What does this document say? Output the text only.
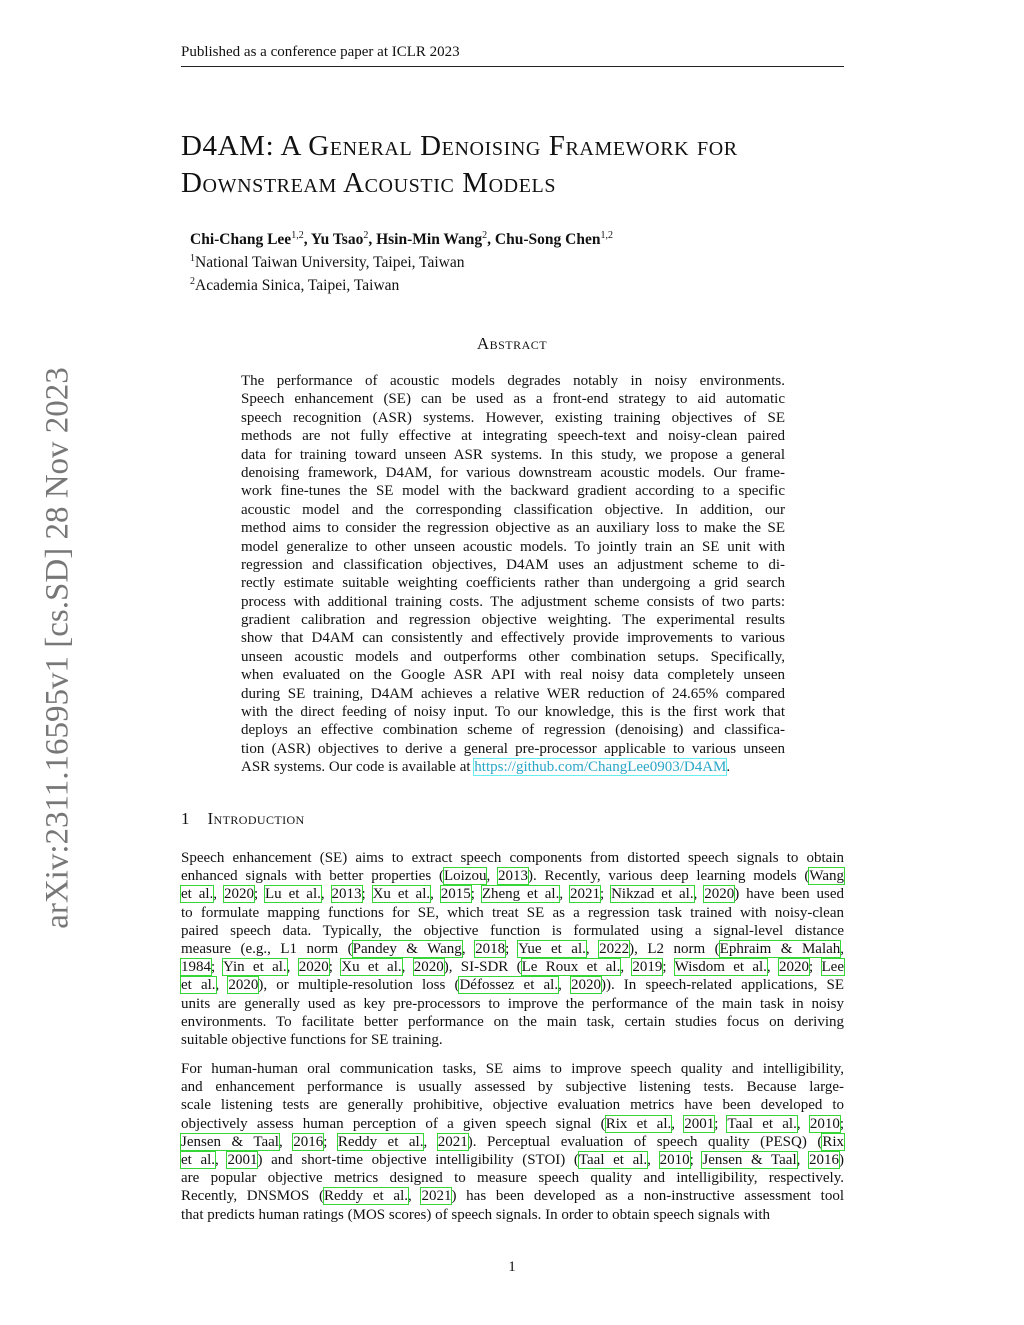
Published as a conference paper at ICLR 2023
arXiv:2311.16595v1 [cs.SD] 28 Nov 2023
D4AM: A General Denoising Framework for
Downstream Acoustic Models
Chi-Chang Lee$^{1,2}$, Yu Tsao$^2$, Hsin-Min Wang$^2$, Chu-Song Chen$^{1,2}$
$^1$National Taiwan University, Taipei, Taiwan
$^2$Academia Sinica, Taipei, Taiwan
Abstract
The performance of acoustic models degrades notably in noisy environments.
Speech enhancement (SE) can be used as a front-end strategy to aid automatic
speech recognition (ASR) systems. However, existing training objectives of SE
methods are not fully effective at integrating speech-text and noisy-clean paired
data for training toward unseen ASR systems. In this study, we propose a general
denoising framework, D4AM, for various downstream acoustic models. Our frame-
work fine-tunes the SE model with the backward gradient according to a specific
acoustic model and the corresponding classification objective. In addition, our
method aims to consider the regression objective as an auxiliary loss to make the SE
model generalize to other unseen acoustic models. To jointly train an SE unit with
regression and classification objectives, D4AM uses an adjustment scheme to di-
rectly estimate suitable weighting coefficients rather than undergoing a grid search
process with additional training costs. The adjustment scheme consists of two parts:
gradient calibration and regression objective weighting. The experimental results
show that D4AM can consistently and effectively provide improvements to various
unseen acoustic models and outperforms other combination setups. Specifically,
when evaluated on the Google ASR API with real noisy data completely unseen
during SE training, D4AM achieves a relative WER reduction of 24.65% compared
with the direct feeding of noisy input. To our knowledge, this is the first work that
deploys an effective combination scheme of regression (denoising) and classifica-
tion (ASR) objectives to derive a general pre-processor applicable to various unseen
ASR systems. Our code is available at https://github.com/ChangLee0903/D4AM.
1 Introduction
Speech enhancement (SE) aims to extract speech components from distorted speech signals to obtain
enhanced signals with better properties (Loizou, 2013). Recently, various deep learning models (Wang
et al., 2020; Lu et al., 2013; Xu et al., 2015; Zheng et al., 2021; Nikzad et al., 2020) have been used
to formulate mapping functions for SE, which treat SE as a regression task trained with noisy-clean
paired speech data. Typically, the objective function is formulated using a signal-level distance
measure (e.g., L1 norm (Pandey & Wang, 2018; Yue et al., 2022), L2 norm (Ephraim & Malah,
1984; Yin et al., 2020; Xu et al., 2020), SI-SDR (Le Roux et al., 2019; Wisdom et al., 2020; Lee
et al., 2020), or multiple-resolution loss (Défossez et al., 2020)). In speech-related applications, SE
units are generally used as key pre-processors to improve the performance of the main task in noisy
environments. To facilitate better performance on the main task, certain studies focus on deriving
suitable objective functions for SE training.
For human-human oral communication tasks, SE aims to improve speech quality and intelligibility,
and enhancement performance is usually assessed by subjective listening tests. Because large-
scale listening tests are generally prohibitive, objective evaluation metrics have been developed to
objectively assess human perception of a given speech signal (Rix et al., 2001; Taal et al., 2010;
Jensen & Taal, 2016; Reddy et al., 2021). Perceptual evaluation of speech quality (PESQ) (Rix
et al., 2001) and short-time objective intelligibility (STOI) (Taal et al., 2010; Jensen & Taal, 2016)
are popular objective metrics designed to measure speech quality and intelligibility, respectively.
Recently, DNSMOS (Reddy et al., 2021) has been developed as a non-instructive assessment tool
that predicts human ratings (MOS scores) of speech signals. In order to obtain speech signals with
1
